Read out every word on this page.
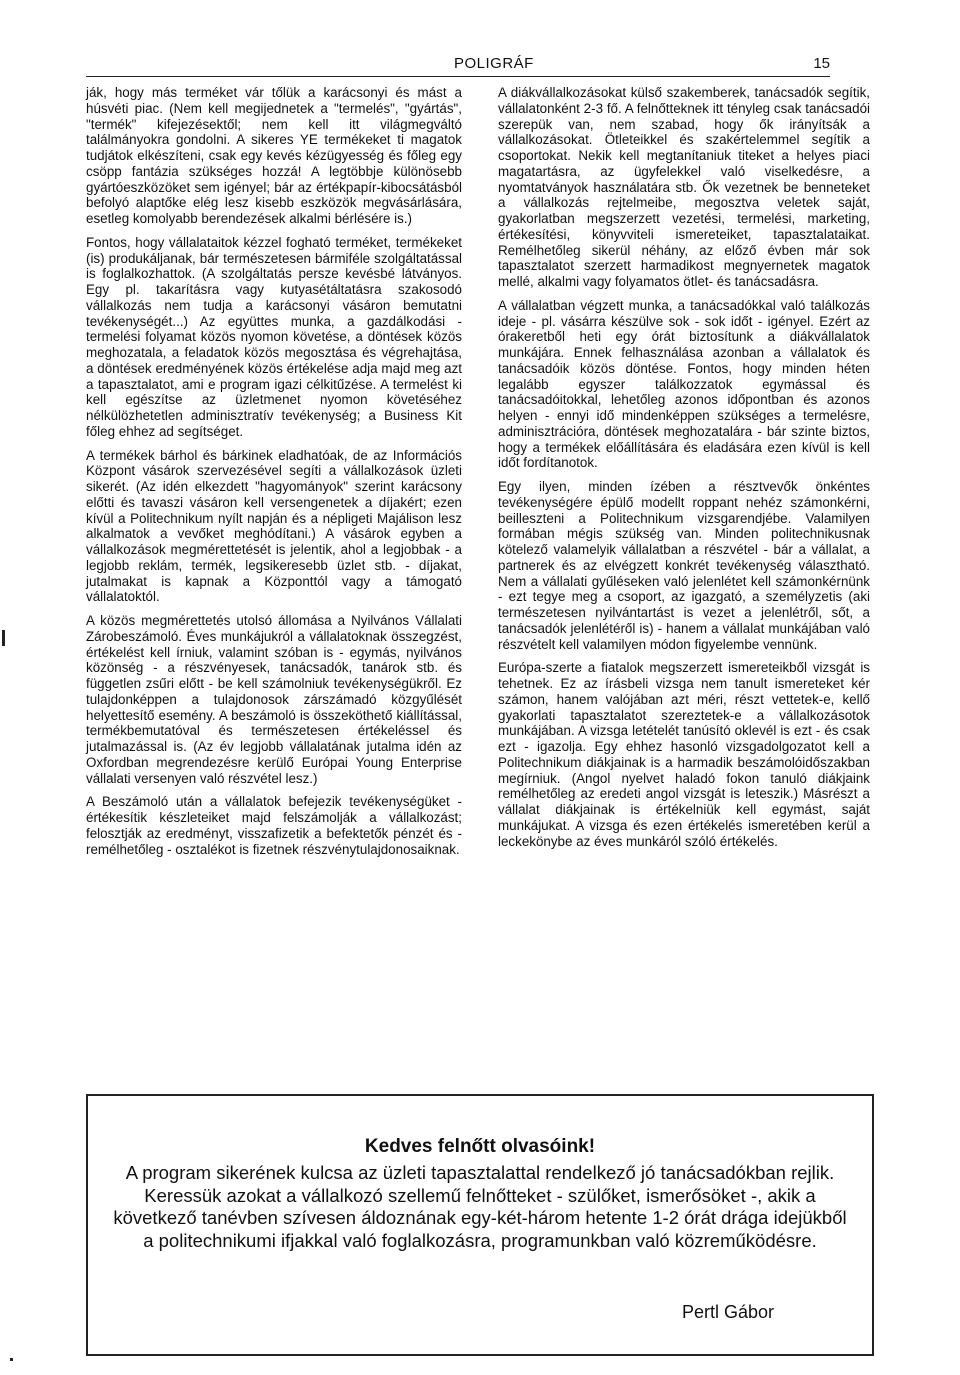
POLIGRÁF	15

ják, hogy más terméket vár tőlük a karácsonyi és mást a húsvéti piac. (Nem kell megijednetek a "termelés", "gyártás", "termék" kifejezésektől; nem kell itt világmegváltó találmányokra gondolni. A sikeres YE termékeket ti magatok tudjátok elkészíteni, csak egy kevés kézügyesség és főleg egy csöpp fantázia szükséges hozzá! A legtöbbje különösebb gyártóeszközöket sem igényel; bár az értékpapír-kibocsátásból befolyó alaptőke elég lesz kisebb eszközök megvásárlására, esetleg komolyabb berendezések alkalmi bérlésére is.)

Fontos, hogy vállalataitok kézzel fogható terméket, termékeket (is) produkáljanak, bár természetesen bármiféle szolgáltatással is foglalkozhattok. (A szolgáltatás persze kevésbé látványos. Egy pl. takarításra vagy kutyasétáltatásra szakosodó vállalkozás nem tudja a karácsonyi vásáron bemutatni tevékenységét...) Az együttes munka, a gazdálkodási - termelési folyamat közös nyomon követése, a döntések közös meghozatala, a feladatok közös megosztása és végrehajtása, a döntések eredményének közös értékelése adja majd meg azt a tapasztalatot, ami e program igazi célkitűzése. A termelést ki kell egészítse az üzletmenet nyomon követéséhez nélkülözhetetlen adminisztratív tevékenység; a Business Kit főleg ehhez ad segítséget.

A termékek bárhol és bárkinek eladhatóak, de az Információs Központ vásárok szervezésével segíti a vállalkozások üzleti sikerét. (Az idén elkezdett "hagyományok" szerint karácsony előtti és tavaszi vásáron kell versengenetek a díjakért; ezen kívül a Politechnikum nyílt napján és a népligeti Majálison lesz alkalmatok a vevőket meghódítani.) A vásárok egyben a vállalkozások megmérettetését is jelentik, ahol a legjobbak - a legjobb reklám, termék, legsikeresebb üzlet stb. - díjakat, jutalmakat is kapnak a Központtól vagy a támogató vállalatoktól.

A közös megmérettetés utolsó állomása a Nyilvános Vállalati Zárobeszámoló. Éves munkájukról a vállalatoknak összegzést, értékelést kell írniuk, valamint szóban is - egymás, nyilvános közönség - a részvényesek, tanácsadók, tanárok stb. és független zsűri előtt - be kell számolniuk tevékenységükről. Ez tulajdonképpen a tulajdonosok zárszámadó közgyűlését helyettesítő esemény. A beszámoló is összeköthető kiállítással, termékbemutatóval és természetesen értékeléssel és jutalmazással is. (Az év legjobb vállalatának jutalma idén az Oxfordban megrendezésre kerülő Európai Young Enterprise vállalati versenyen való részvétel lesz.)

A Beszámoló után a vállalatok befejezik tevékenységüket - értékesítik készleteiket majd felszámolják a vállalkozást; felosztják az eredményt, visszafizetik a befektetők pénzét és - remélhetőleg - osztalékot is fizetnek részvénytulajdonosaiknak.

A diákvállalkozásokat külső szakemberek, tanácsadók segítik, vállalatonként 2-3 fő. A felnőtteknek itt tényleg csak tanácsadói szerepük van, nem szabad, hogy ők irányítsák a vállalkozásokat. Ötleteikkel és szakértelemmel segítik a csoportokat. Nekik kell megtanítaniuk titeket a helyes piaci magatartásra, az ügyfelekkel való viselkedésre, a nyomtatványok használatára stb. Ők vezetnek be benneteket a vállalkozás rejtelmeibe, megosztva veletek saját, gyakorlatban megszerzett vezetési, termelési, marketing, értékesítési, könyvviteli ismereteiket, tapasztalataikat. Remélhetőleg sikerül néhány, az előző évben már sok tapasztalatot szerzett harmadikost megnyernetek magatok mellé, alkalmi vagy folyamatos ötlet- és tanácsadásra.

A vállalatban végzett munka, a tanácsadókkal való találkozás ideje - pl. vásárra készülve sok - sok időt - igényel. Ezért az órakeretből heti egy órát biztosítunk a diákvállalatok munkájára. Ennek felhasználása azonban a vállalatok és tanácsadóik közös döntése. Fontos, hogy minden héten legalább egyszer találkozzatok egymással és tanácsadóitokkal, lehetőleg azonos időpontban és azonos helyen - ennyi idő mindenképpen szükséges a termelésre, adminisztrációra, döntések meghozatalára - bár szinte biztos, hogy a termékek előállítására és eladására ezen kívül is kell időt fordítanotok.

Egy ilyen, minden ízében a résztvevők önkéntes tevékenységére épülő modellt roppant nehéz számonkérni, beilleszteni a Politechnikum vizsgarendjébe. Valamilyen formában mégis szükség van. Minden politechnikusnak kötelező valamelyik vállalatban a részvétel - bár a vállalat, a partnerek és az elvégzett konkrét tevékenység választható. Nem a vállalati gyűléseken való jelenlétet kell számonkérnünk - ezt tegye meg a csoport, az igazgató, a személyzetis (aki természetesen nyilvántartást is vezet a jelenlétről, sőt, a tanácsadók jelenlétéről is) - hanem a vállalat munkájában való részvételt kell valamilyen módon figyelembe vennünk.

Európa-szerte a fiatalok megszerzett ismereteikből vizsgát is tehetnek. Ez az írásbeli vizsga nem tanult ismereteket kér számon, hanem valójában azt méri, részt vettetek-e, kellő gyakorlati tapasztalatot szereztetek-e a vállalkozásotok munkájában. A vizsga letételét tanúsító oklevél is ezt - és csak ezt - igazolja. Egy ehhez hasonló vizsgadolgozatot kell a Politechnikum diákjainak is a harmadik beszámolóidőszakban megírniuk. (Angol nyelvet haladó fokon tanuló diákjaink remélhetőleg az eredeti angol vizsgát is leteszik.) Másrészt a vállalat diákjainak is értékelniük kell egymást, saját munkájukat. A vizsga és ezen értékelés ismeretében kerül a leckekönybe az éves munkáról szóló értékelés.

Kedves felnőtt olvasóink!
A program sikerének kulcsa az üzleti tapasztalattal rendelkező jó tanácsadókban rejlik. Keressük azokat a vállalkozó szellemű felnőtteket - szülőket, ismerősöket -, akik a következő tanévben szívesen áldoznának egy-két-három hetente 1-2 órát drága idejükből a politechnikumi ifjakkal való foglalkozásra, programunkban való közreműködésre.
Pertl Gábor
